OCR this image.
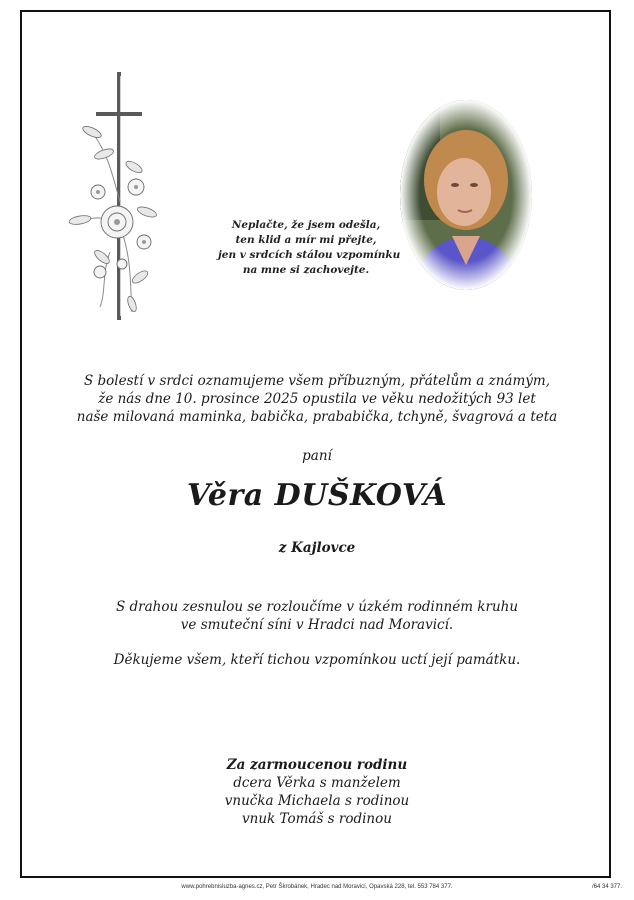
Neplačte, že jsem odešla,
ten klid a mír mi přejte,
jen v srdcích stálou vzpomínku
na mne si zachovejte.
S bolestí v srdci oznamujeme všem příbuzným, přátelům a známým,
že nás dne 10. prosince 2025 opustila ve věku nedožitých 93 let
naše milovaná maminka, babička, prababička, tchyně, švagrová a teta
paní
Věra DUŠKOVÁ
z Kajlovce
S drahou zesnulou se rozloučíme v úzkém rodinném kruhu
ve smuteční síni v Hradci nad Moravicí.
Děkujeme všem, kteří tichou vzpomínkou uctí její památku.
Za zarmoucenou rodinu
dcera Věrka s manželem
vnučka Michaela s rodinou
vnuk Tomáš s rodinou
www.pohrebnisluzba-agnes.cz, Petr Škrobánek, Hradec nad Moravicí, Opavská 228, tel. 553 784 377.	/64 34 377.
